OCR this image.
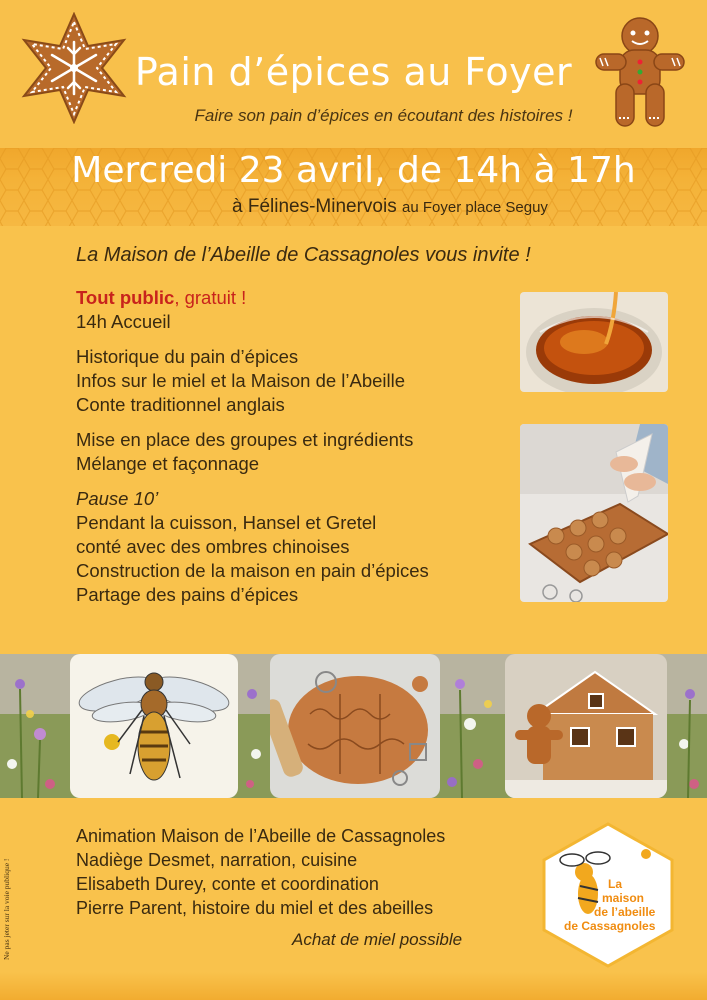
Pain d’épices au Foyer
Faire son pain d’épices en écoutant des histoires !
Mercredi 23 avril, de 14h à 17h
à Félines-Minervois au Foyer place Seguy
La Maison de l’Abeille de Cassagnoles vous invite !
Tout public, gratuit !
14h Accueil
Historique du pain d’épices
Infos sur le miel et la Maison de l’Abeille
Conte traditionnel anglais
Mise en place des groupes et ingrédients
Mélange et façonnage
Pause 10’
Pendant la cuisson, Hansel et Gretel
conté avec des ombres chinoises
Construction de la maison en pain d’épices
Partage des pains d’épices
Animation Maison de l’Abeille de Cassagnoles
Nadiège Desmet, narration, cuisine
Elisabeth Durey, conte et coordination
Pierre Parent, histoire du miel et des abeilles
Achat de miel possible
Ne pas jeter sur la voie publique !	La
maison
de l’abeille
de Cassagnoles
